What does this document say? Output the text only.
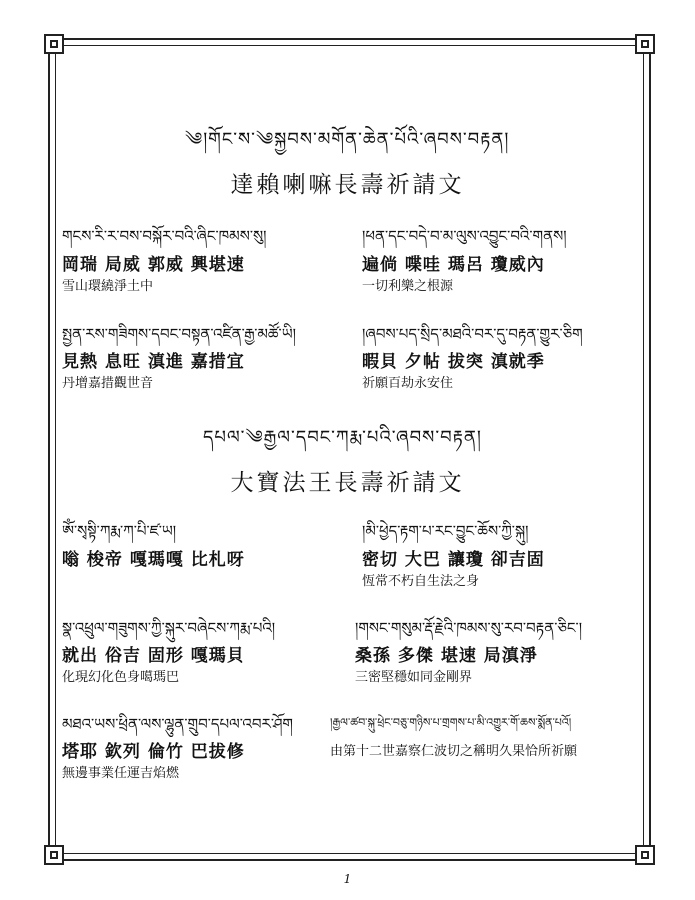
༄།གོང་ས་༄སྐྱབས་མགོན་ཆེན་པོའི་ཞབས་བརྟན།
達賴喇嘛長壽祈請文
གངས་རི་ར་བས་བསྐོར་བའི་ཞིང་ཁམས་སུ།
岡瑞 局威 郭威 興堪速
雪山環繞淨土中
།ཕན་དང་བདེ་བ་མ་ལུས་འབྱུང་བའི་གནས།
遍倘 喋哇 瑪呂 瓊威內
一切利樂之根源
སྤྱན་རས་གཟིགས་དབང་བསྟན་འཛིན་རྒྱ་མཚོ་ཡི།
見熱 息旺 滇進 嘉措宜
丹增嘉措觀世音
།ཞབས་པད་སྲིད་མཐའི་བར་དུ་བརྟན་གྱུར་ཅིག
暇貝 夕帖 拔突 滇就季
祈願百劫永安住
དཔལ་༄རྒྱལ་དབང་ཀརྨ་པའི་ཞབས་བརྟན།
大寶法王長壽祈請文
ཨོཾ་སྭསྟི་ཀརྨ་ཀ་པི་ཛ་ཡ།
嗡 梭帝 嘎瑪嘎 比札呀
།མི་ཕྱེད་རྟག་པ་རང་བྱུང་ཆོས་ཀྱི་སྐུ།
密切 大巴 讓瓊 卻吉固
恆常不朽自生法之身
སྣ་འཕྲུལ་གཟུགས་ཀྱི་སྐུར་བཞེངས་ཀརྨ་པའི།
就出 俗吉 固形 嘎瑪貝
化現幻化色身噶瑪巴
།གསང་གསུམ་རྡོ་རྗེའི་ཁམས་སུ་རབ་བརྟན་ཅིང་།
桑孫 多傑 堪速 局滇淨
三密堅穩如同金剛界
མཐའ་ཡས་ཕྲིན་ལས་ལྷུན་གྲུབ་དཔལ་འབར་ཤོག
塔耶 欽列 倫竹 巴拔修
無邊事業任運吉焰燃
།རྒྱལ་ཚབ་སྐུ་ཕྲེང་བཅུ་གཉིས་པ་གྲགས་པ་མི་འགྱུར་གོ་ཆས་སྨོན་པའོ།
由第十二世嘉察仁波切之稱明久果恰所祈願
1
